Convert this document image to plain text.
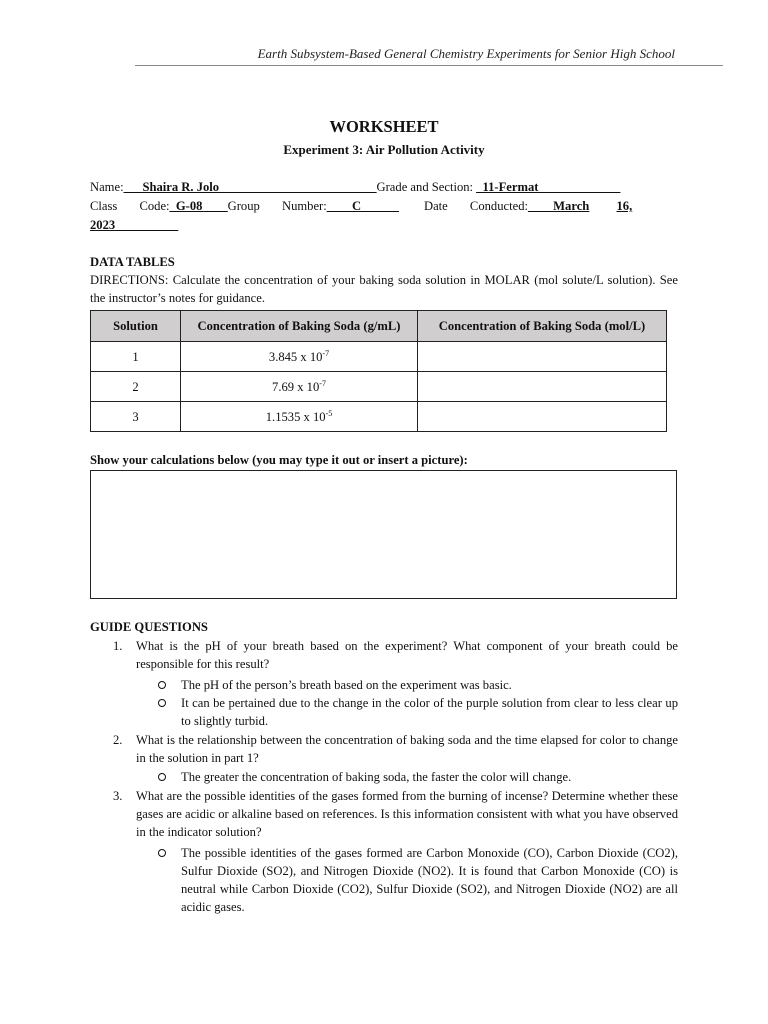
Earth Subsystem-Based General Chemistry Experiments for Senior High School
WORKSHEET
Experiment 3: Air Pollution Activity
Name:___Shaira R. Jolo_________________________Grade and Section: _11-Fermat_____________
Class Code:_G-08____Group Number:____C______ Date Conducted:____March 16,
2023__________
DATA TABLES
DIRECTIONS: Calculate the concentration of your baking soda solution in MOLAR (mol solute/L solution). See the instructor’s notes for guidance.
Solution	Concentration of Baking Soda (g/mL)	Concentration of Baking Soda (mol/L)
1	3.845 x $10^{-7}$	
2	7.69 x $10^{-7}$	
3	1.1535 x $10^{-5}$	
Show your calculations below (you may type it out or insert a picture):
GUIDE QUESTIONS
1. What is the pH of your breath based on the experiment? What component of your breath could be responsible for this result?
The pH of the person’s breath based on the experiment was basic.
It can be pertained due to the change in the color of the purple solution from clear to less clear up to slightly turbid.
2. What is the relationship between the concentration of baking soda and the time elapsed for color to change in the solution in part 1?
The greater the concentration of baking soda, the faster the color will change.
3. What are the possible identities of the gases formed from the burning of incense? Determine whether these gases are acidic or alkaline based on references. Is this information consistent with what you have observed in the indicator solution?
The possible identities of the gases formed are Carbon Monoxide (CO), Carbon Dioxide (CO2), Sulfur Dioxide (SO2), and Nitrogen Dioxide (NO2). It is found that Carbon Monoxide (CO) is neutral while Carbon Dioxide (CO2), Sulfur Dioxide (SO2), and Nitrogen Dioxide (NO2) are all acidic gases.
